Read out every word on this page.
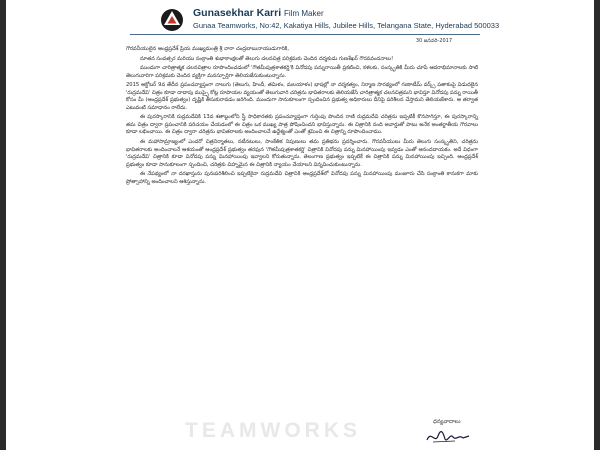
Gunasekhar Karri Film Maker
Gunaa Teamworks, No:42, Kakatiya Hills, Jubilee Hills, Telangana State, Hyderabad 500033
30 జనవరి-2017

గౌరవనీయులైన ఆంధ్రప్రదేశ్ ప్రియ ముఖ్యమంత్రి శ్రీ నారా చంద్రబాబునాయుడుగారికి,

నూతన సంవత్సర మరియు సంక్రాంతి శుభాకాంక్షలతో తెలుగు చలనచిత్ర పరిశ్రమకు చెందిన దర్శకుడు గుణశేఖర్ గౌరవవందనాలు!

ముందుగా చారిత్రాత్మక చలనచిత్రాల రూపొందించడంలో 'గౌతమీపుత్రశాతకర్ణి'కి వినోదపు పన్నురాయితీ ప్రకటించి, కళలకు, సంస్కృతికి మీరు చూపే ఆదరాభిమానాలకు సాటి తెలుగువారిగా పరిశ్రమకు చెందిన వ్యక్తిగా మనస్ఫూర్తిగా తెలియజేసుకుంటున్నాను.

2015 అక్టోబర్ 9వ తేదీన ప్రపంచవ్యాప్తంగా నాలుగు (తెలుగు, హిందీ, తమిళం, మలయాళం) భాషల్లో నా దర్శకత్వం, నిర్మాణ సారథ్యంలో గుణాటీమ్ వర్క్స్ పతాకంపై విడుదలైన 'రుద్రమదేవి' చిత్రం కూడా దాదాపు ముప్పై కోట్ల రూపాయల వ్యయంతో తెలుగువారి చరిత్రను భావితరాలకు తెలియజేసే చారిత్రాత్మక చలనచిత్రమని భావిస్తూ వినోదపు పన్ను రాయితీ కోసం మీ (ఆంధ్రప్రదేశ్ ప్రభుత్వం) దృష్టికి తీసుకురావడం జరిగింది. ముందుగా సానుకూలంగా స్పందించిన ప్రభుత్వ అధికారులు దీనిపై పరిశీలన చేస్తామని తెలియజేశారు. ఆ తర్వాత ఎటువంటి సమాధానం రాలేదు.

ఈ పురస్కారానికి రుద్రమదేవికి 13వ శతాబ్దంలోని స్త్రీ సాధికారతకు ప్రపంచవ్యాప్తంగా గుర్తింపు పొందిన రాణి రుద్రమదేవి చరిత్రను ఇప్పటికీ కొనసాగిస్తూ, ఈ పురస్కారాన్ని తమ చిత్రం ద్వారా ప్రపంచానికి పరిచయం చేయడంలో ఈ చిత్రం ఒక ముఖ్య పాత్ర పోషించిందని భావిస్తున్నాను. ఈ చిత్రానికి నంది అవార్డుతో పాటు అనేక అంతర్జాతీయ గౌరవాలు కూడా లభించాయి. ఈ చిత్రం ద్వారా చరిత్రను భావితరాలకు అందించాలనే ఉద్దేశ్యంతో ఎంతో శ్రమించి ఈ చిత్రాన్ని రూపొందించాము.

ఈ మహాసామ్రాజ్యంలో ఎందరో చిత్రనిర్మాతలు, నటీనటులు, సాంకేతిక నిపుణులు తమ ప్రతిభను ప్రదర్శించారు. గౌరవనీయులు మీరు తెలుగు సంస్కృతిని, చరిత్రను భావితరాలకు అందించాలనే ఆశయంతో ఆంధ్రప్రదేశ్ ప్రభుత్వం తరఫున 'గౌతమీపుత్రశాతకర్ణి' చిత్రానికి వినోదపు పన్ను మినహాయింపు ఇవ్వడం ఎంతో ఆనందదాయకం. అదే విధంగా 'రుద్రమదేవి' చిత్రానికి కూడా వినోదపు పన్ను మినహాయింపు ఇవ్వాలని కోరుతున్నాను. తెలంగాణ ప్రభుత్వం ఇప్పటికే ఈ చిత్రానికి పన్ను మినహాయింపు ఇచ్చింది. ఆంధ్రప్రదేశ్ ప్రభుత్వం కూడా సానుకూలంగా స్పందించి, చరిత్రకు చిహ్నమైన ఈ చిత్రానికి న్యాయం చేయాలని విన్నవించుకుంటున్నాను.

ఈ నేపథ్యంలో నా దరఖాస్తును పునఃపరిశీలించి ఇప్పటికైనా రుద్రమదేవి చిత్రానికి ఆంధ్రప్రదేశ్‌లో వినోదపు పన్ను మినహాయింపు మంజూరు చేసి సంక్రాంతి కానుకగా మాకు ప్రోత్సాహాన్ని అందించాలని ఆశిస్తున్నాను.

TEAMWORKS	ధన్యవాదాలు
